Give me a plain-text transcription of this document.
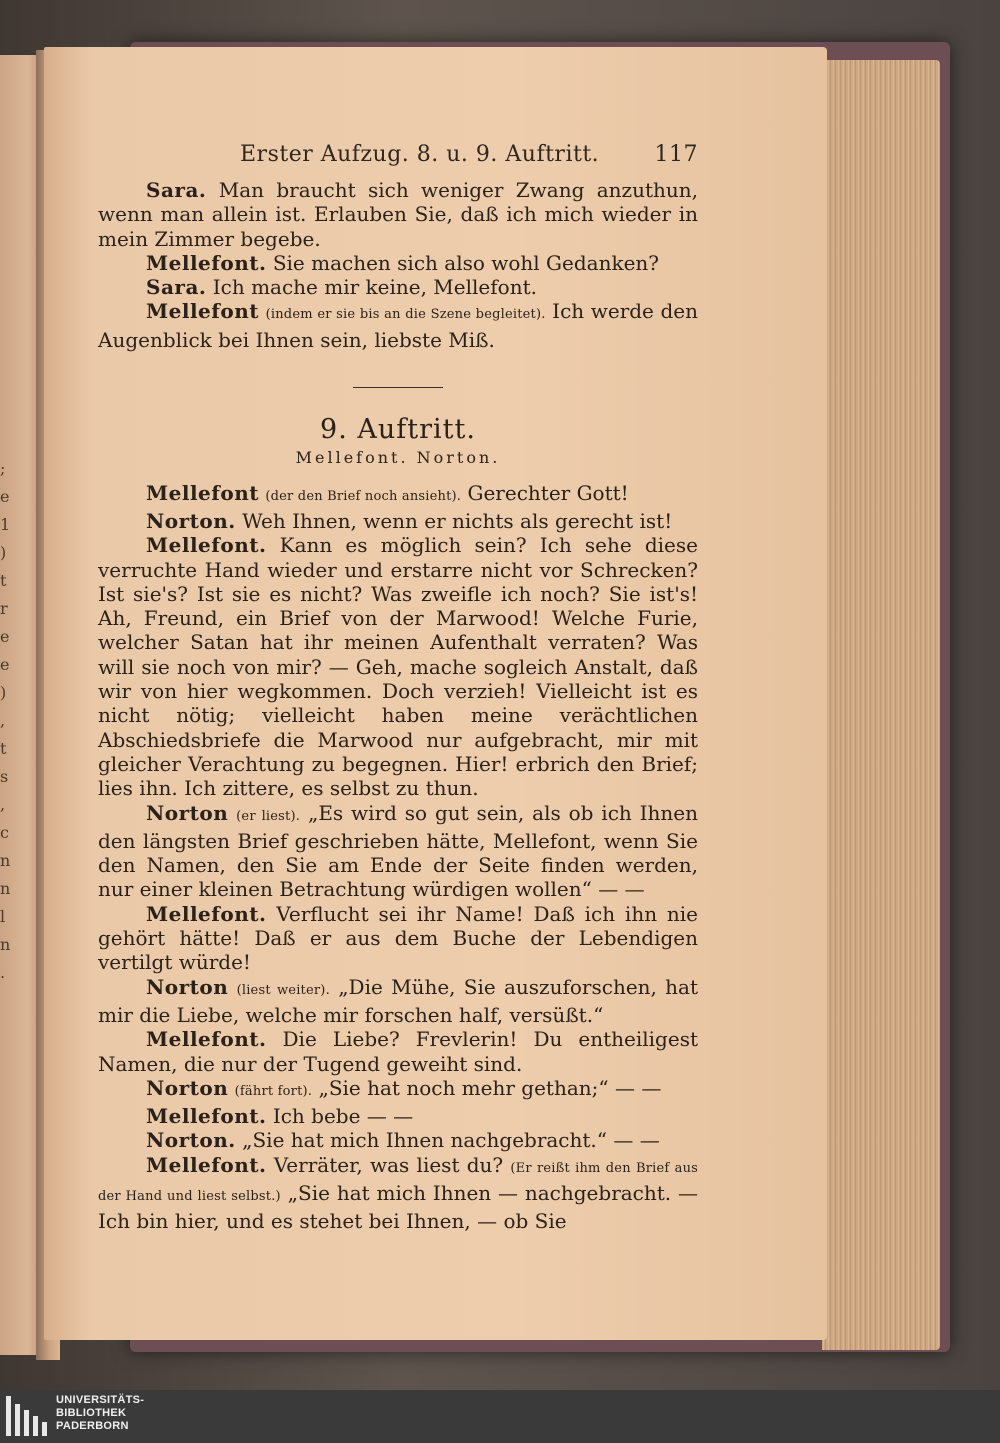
;
e
1
)
t
r
e
e
)
,
t
s
,
c
n
n
l
n
.
Erster Aufzug. 8. u. 9. Auftritt.	117

Sara. Man braucht sich weniger Zwang anzuthun, wenn man allein ist. Erlauben Sie, daß ich mich wieder in mein Zimmer begebe.

Mellefont. Sie machen sich also wohl Gedanken?

Sara. Ich mache mir keine, Mellefont.

Mellefont (indem er sie bis an die Szene begleitet). Ich werde den Augenblick bei Ihnen sein, liebste Miß.

9. Auftritt.
Mellefont. Norton.

Mellefont (der den Brief noch ansieht). Gerechter Gott!

Norton. Weh Ihnen, wenn er nichts als gerecht ist!

Mellefont. Kann es möglich sein? Ich sehe diese verruchte Hand wieder und erstarre nicht vor Schrecken? Ist sie's? Ist sie es nicht? Was zweifle ich noch? Sie ist's! Ah, Freund, ein Brief von der Marwood! Welche Furie, welcher Satan hat ihr meinen Aufenthalt verraten? Was will sie noch von mir? — Geh, mache sogleich Anstalt, daß wir von hier wegkommen. Doch verzieh! Vielleicht ist es nicht nötig; vielleicht haben meine verächtlichen Abschiedsbriefe die Marwood nur aufgebracht, mir mit gleicher Verachtung zu begegnen. Hier! erbrich den Brief; lies ihn. Ich zittere, es selbst zu thun.

Norton (er liest). „Es wird so gut sein, als ob ich Ihnen den längsten Brief geschrieben hätte, Mellefont, wenn Sie den Namen, den Sie am Ende der Seite finden werden, nur einer kleinen Betrachtung würdigen wollen“ — —

Mellefont. Verflucht sei ihr Name! Daß ich ihn nie gehört hätte! Daß er aus dem Buche der Lebendigen vertilgt würde!

Norton (liest weiter). „Die Mühe, Sie auszuforschen, hat mir die Liebe, welche mir forschen half, versüßt.“

Mellefont. Die Liebe? Frevlerin! Du entheiligest Namen, die nur der Tugend geweiht sind.

Norton (fährt fort). „Sie hat noch mehr gethan;“ — —

Mellefont. Ich bebe — —

Norton. „Sie hat mich Ihnen nachgebracht.“ — —

Mellefont. Verräter, was liest du? (Er reißt ihm den Brief aus der Hand und liest selbst.) „Sie hat mich Ihnen — nachgebracht. — Ich bin hier, und es stehet bei Ihnen, — ob Sie

UNIVERSITÄTS-
BIBLIOTHEK
PADERBORN
